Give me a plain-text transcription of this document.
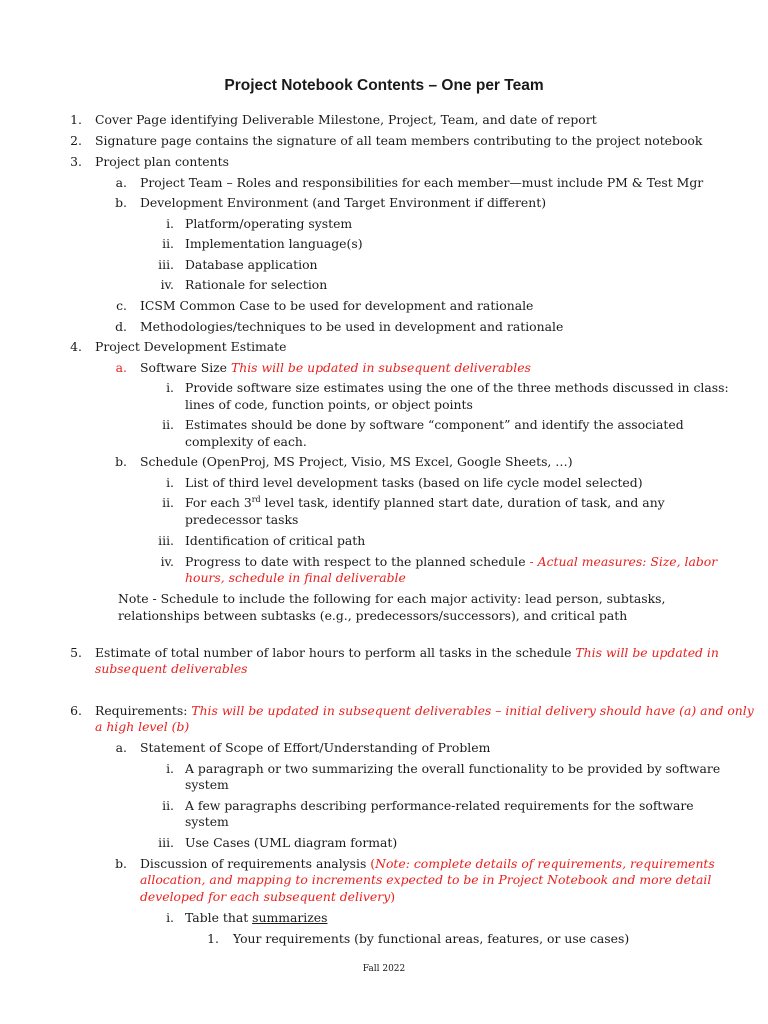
Project Notebook Contents – One per Team
1. Cover Page identifying Deliverable Milestone, Project, Team, and date of report
2. Signature page contains the signature of all team members contributing to the project notebook
3. Project plan contents
a. Project Team – Roles and responsibilities for each member—must include PM & Test Mgr
b. Development Environment (and Target Environment if different)
i. Platform/operating system
ii. Implementation language(s)
iii. Database application
iv. Rationale for selection
c. ICSM Common Case to be used for development and rationale
d. Methodologies/techniques to be used in development and rationale
4. Project Development Estimate
a. Software Size This will be updated in subsequent deliverables
i. Provide software size estimates using the one of the three methods discussed in class:
lines of code, function points, or object points
ii. Estimates should be done by software “component” and identify the associated
complexity of each.
b. Schedule (OpenProj, MS Project, Visio, MS Excel, Google Sheets, …)
i. List of third level development tasks (based on life cycle model selected)
ii. For each 3rd level task, identify planned start date, duration of task, and any
predecessor tasks
iii. Identification of critical path
iv. Progress to date with respect to the planned schedule - Actual measures: Size, labor
hours, schedule in final deliverable
Note - Schedule to include the following for each major activity: lead person, subtasks,
relationships between subtasks (e.g., predecessors/successors), and critical path
5. Estimate of total number of labor hours to perform all tasks in the schedule This will be updated in
subsequent deliverables
6. Requirements: This will be updated in subsequent deliverables – initial delivery should have (a) and only
a high level (b)
a. Statement of Scope of Effort/Understanding of Problem
i. A paragraph or two summarizing the overall functionality to be provided by software
system
ii. A few paragraphs describing performance-related requirements for the software
system
iii. Use Cases (UML diagram format)
b. Discussion of requirements analysis (Note: complete details of requirements, requirements
allocation, and mapping to increments expected to be in Project Notebook and more detail
developed for each subsequent delivery)
i. Table that summarizes
1. Your requirements (by functional areas, features, or use cases)
Fall 2022
